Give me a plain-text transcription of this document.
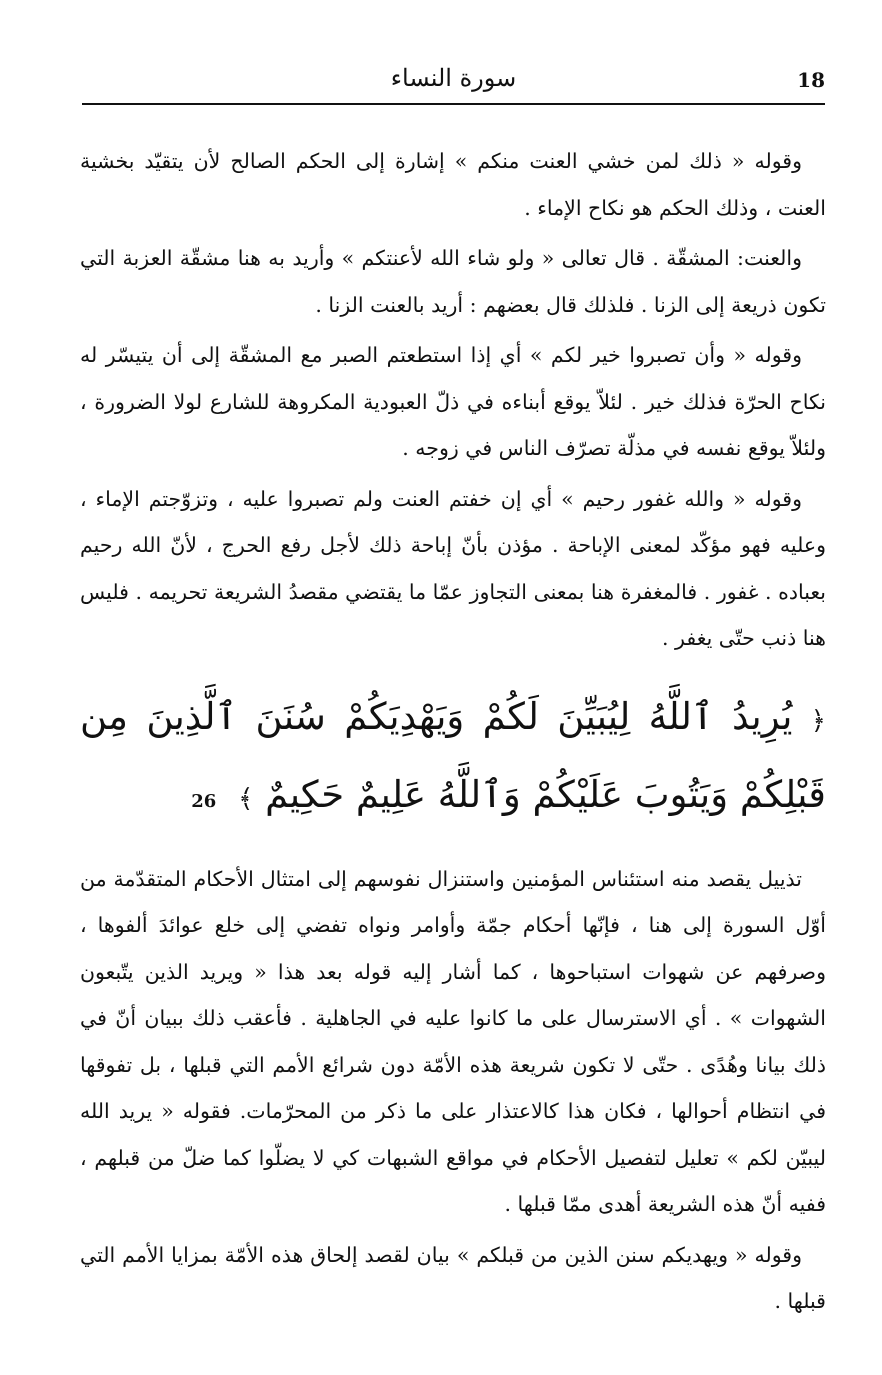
18
سورة النساء

وقوله « ذلك لمن خشي العنت منكم » إشارة إلى الحكم الصالح لأن يتقيّد بخشية العنت ، وذلك الحكم هو نكاح الإماء .

والعنت: المشقّة . قال تعالى « ولو شاء الله لأعنتكم » وأريد به هنا مشقّة العزبة التي تكون ذريعة إلى الزنا . فلذلك قال بعضهم : أريد بالعنت الزنا .

وقوله « وأن تصبروا خير لكم » أي إذا استطعتم الصبر مع المشقّة إلى أن يتيسّر له نكاح الحرّة فذلك خير . لئلاّ يوقع أبناءه في ذلّ العبودية المكروهة للشارع لولا الضرورة ، ولئلاّ يوقع نفسه في مذلّة تصرّف الناس في زوجه .

وقوله « والله غفور رحيم » أي إن خفتم العنت ولم تصبروا عليه ، وتزوّجتم الإماء ، وعليه فهو مؤكّد لمعنى الإباحة . مؤذن بأنّ إباحة ذلك لأجل رفع الحرج ، لأنّ الله رحيم بعباده . غفور . فالمغفرة هنا بمعنى التجاوز عمّا ما يقتضي مقصدُ الشريعة تحريمه . فليس هنا ذنب حتّى يغفر .

﴿ يُرِيدُ ٱللَّهُ لِيُبَيِّنَ لَكُمْ وَيَهْدِيَكُمْ سُنَنَ ٱلَّذِينَ مِن قَبْلِكُمْ وَيَتُوبَ عَلَيْكُمْ وَٱللَّهُ عَلِيمٌ حَكِيمٌ ﴾ 26

تذييل يقصد منه استئناس المؤمنين واستنزال نفوسهم إلى امتثال الأحكام المتقدّمة من أوّل السورة إلى هنا ، فإنّها أحكام جمّة وأوامر ونواه تفضي إلى خلع عوائدَ ألفوها ، وصرفهم عن شهوات استباحوها ، كما أشار إليه قوله بعد هذا « ويريد الذين يتّبعون الشهوات » . أي الاسترسال على ما كانوا عليه في الجاهلية . فأعقب ذلك ببيان أنّ في ذلك بيانا وهُدًى . حتّى لا تكون شريعة هذه الأمّة دون شرائع الأمم التي قبلها ، بل تفوقها في انتظام أحوالها ، فكان هذا كالاعتذار على ما ذكر من المحرّمات. فقوله « يريد الله ليبيّن لكم » تعليل لتفصيل الأحكام في مواقع الشبهات كي لا يضلّوا كما ضلّ من قبلهم ، ففيه أنّ هذه الشريعة أهدى ممّا قبلها .

وقوله « ويهديكم سنن الذين من قبلكم » بيان لقصد إلحاق هذه الأمّة بمزايا الأمم التي قبلها .
